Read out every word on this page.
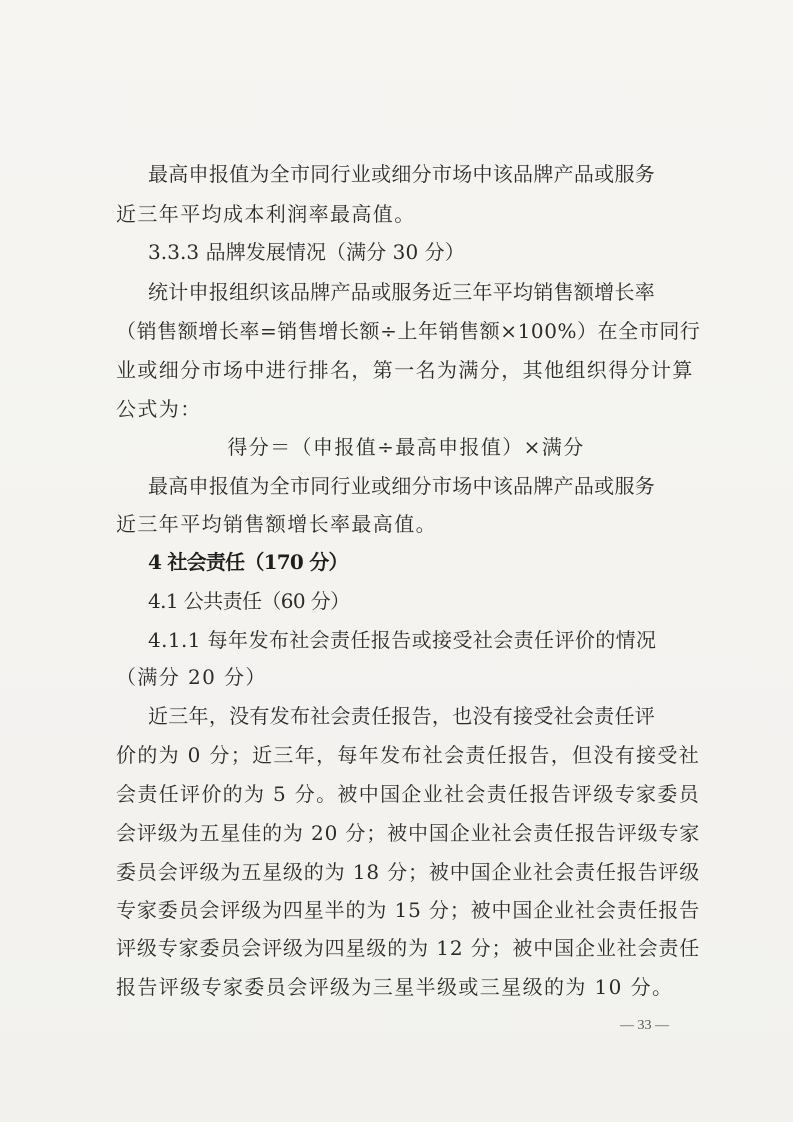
最高申报值为全市同行业或细分市场中该品牌产品或服务
近三年平均成本利润率最高值。
3.3.3 品牌发展情况（满分 30 分）
统计申报组织该品牌产品或服务近三年平均销售额增长率
（销售额增长率=销售增长额÷上年销售额×100%）在全市同行
业或细分市场中进行排名，第一名为满分，其他组织得分计算
公式为：
得分＝（申报值÷最高申报值）×满分
最高申报值为全市同行业或细分市场中该品牌产品或服务
近三年平均销售额增长率最高值。
4 社会责任（170 分）
4.1 公共责任（60 分）
4.1.1 每年发布社会责任报告或接受社会责任评价的情况
（满分 20 分）
近三年，没有发布社会责任报告，也没有接受社会责任评
价的为 0 分；近三年，每年发布社会责任报告，但没有接受社
会责任评价的为 5 分。被中国企业社会责任报告评级专家委员
会评级为五星佳的为 20 分；被中国企业社会责任报告评级专家
委员会评级为五星级的为 18 分；被中国企业社会责任报告评级
专家委员会评级为四星半的为 15 分；被中国企业社会责任报告
评级专家委员会评级为四星级的为 12 分；被中国企业社会责任
报告评级专家委员会评级为三星半级或三星级的为 10 分。
— 33 —
